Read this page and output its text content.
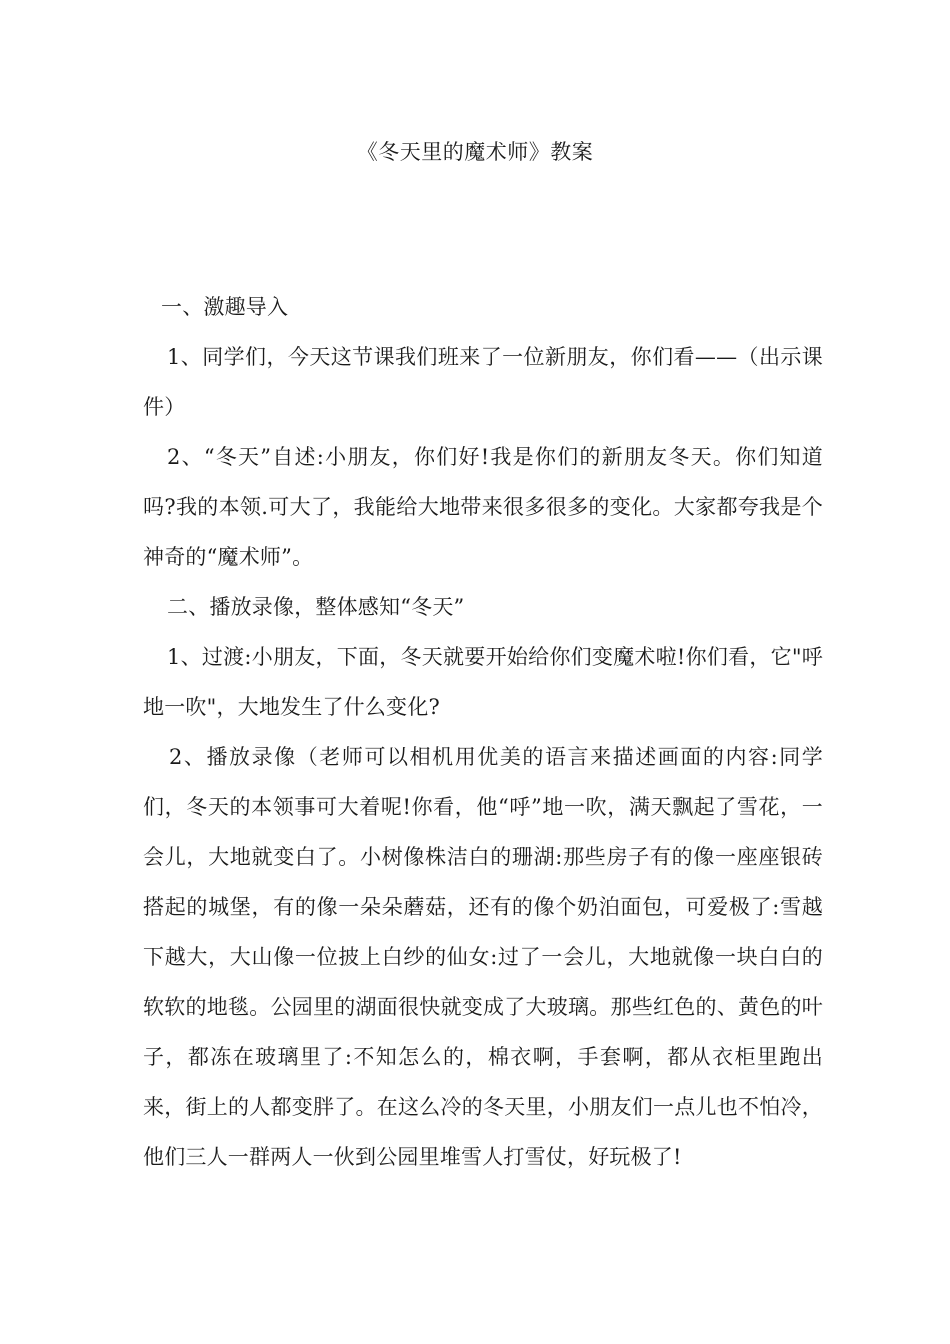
《冬天里的魔术师》教案

一、激趣导入

1、同学们，今天这节课我们班来了一位新朋友，你们看——（出示课件）

2、“冬天”自述:小朋友，你们好!我是你们的新朋友冬天。你们知道吗?我的本领.可大了，我能给大地带来很多很多的变化。大家都夸我是个神奇的“魔术师”。

二、播放录像，整体感知“冬天”

1、过渡:小朋友，下面，冬天就要开始给你们变魔术啦!你们看，它"呼地一吹"，大地发生了什么变化?

2、播放录像（老师可以相机用优美的语言来描述画面的内容:同学们，冬天的本领事可大着呢!你看，他“呼”地一吹，满天飘起了雪花，一会儿，大地就变白了。小树像株洁白的珊湖:那些房子有的像一座座银砖搭起的城堡，有的像一朵朵蘑菇，还有的像个奶泊面包，可爱极了:雪越下越大，大山像一位披上白纱的仙女:过了一会儿，大地就像一块白白的软软的地毯。公园里的湖面很快就变成了大玻璃。那些红色的、黄色的叶子，都冻在玻璃里了:不知怎么的，棉衣啊，手套啊，都从衣柜里跑出来，街上的人都变胖了。在这么冷的冬天里，小朋友们一点儿也不怕冷，他们三人一群两人一伙到公园里堆雪人打雪仗，好玩极了!
